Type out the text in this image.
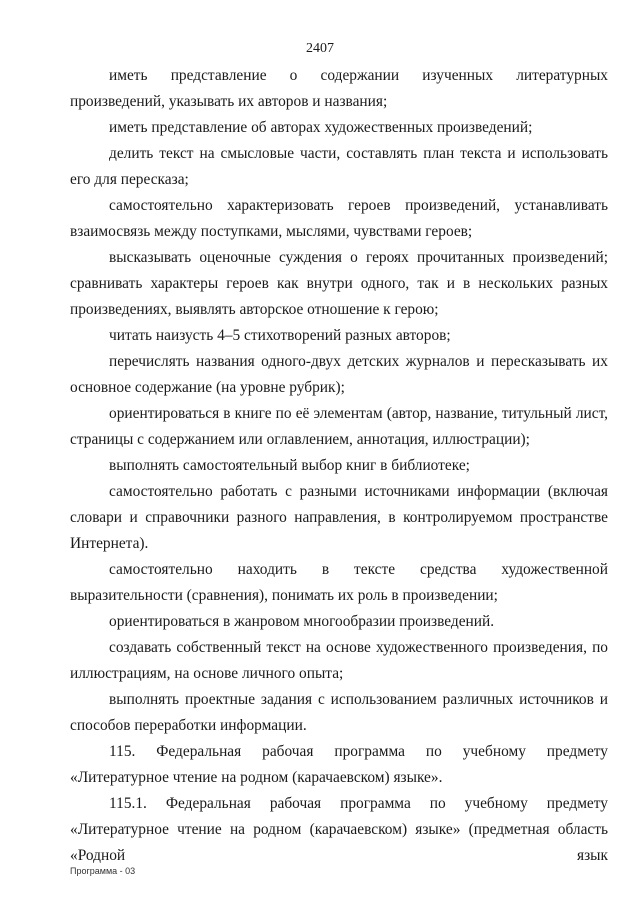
2407

иметь представление о содержании изученных литературных произведений, указывать их авторов и названия;

иметь представление об авторах художественных произведений;

делить текст на смысловые части, составлять план текста и использовать его для пересказа;

самостоятельно характеризовать героев произведений, устанавливать взаимосвязь между поступками, мыслями, чувствами героев;

высказывать оценочные суждения о героях прочитанных произведений; сравнивать характеры героев как внутри одного, так и в нескольких разных произведениях, выявлять авторское отношение к герою;

читать наизусть 4–5 стихотворений разных авторов;

перечислять названия одного-двух детских журналов и пересказывать их основное содержание (на уровне рубрик);

ориентироваться в книге по её элементам (автор, название, титульный лист, страницы с содержанием или оглавлением, аннотация, иллюстрации);

выполнять самостоятельный выбор книг в библиотеке;

самостоятельно работать с разными источниками информации (включая словари и справочники разного направления, в контролируемом пространстве Интернета).

самостоятельно находить в тексте средства художественной выразительности (сравнения), понимать их роль в произведении;

ориентироваться в жанровом многообразии произведений.

создавать собственный текст на основе художественного произведения, по иллюстрациям, на основе личного опыта;

выполнять проектные задания с использованием различных источников и способов переработки информации.

115. Федеральная рабочая программа по учебному предмету «Литературное чтение на родном (карачаевском) языке».

115.1. Федеральная рабочая программа по учебному предмету «Литературное чтение на родном (карачаевском) языке» (предметная область «Родной язык

Программа - 03
